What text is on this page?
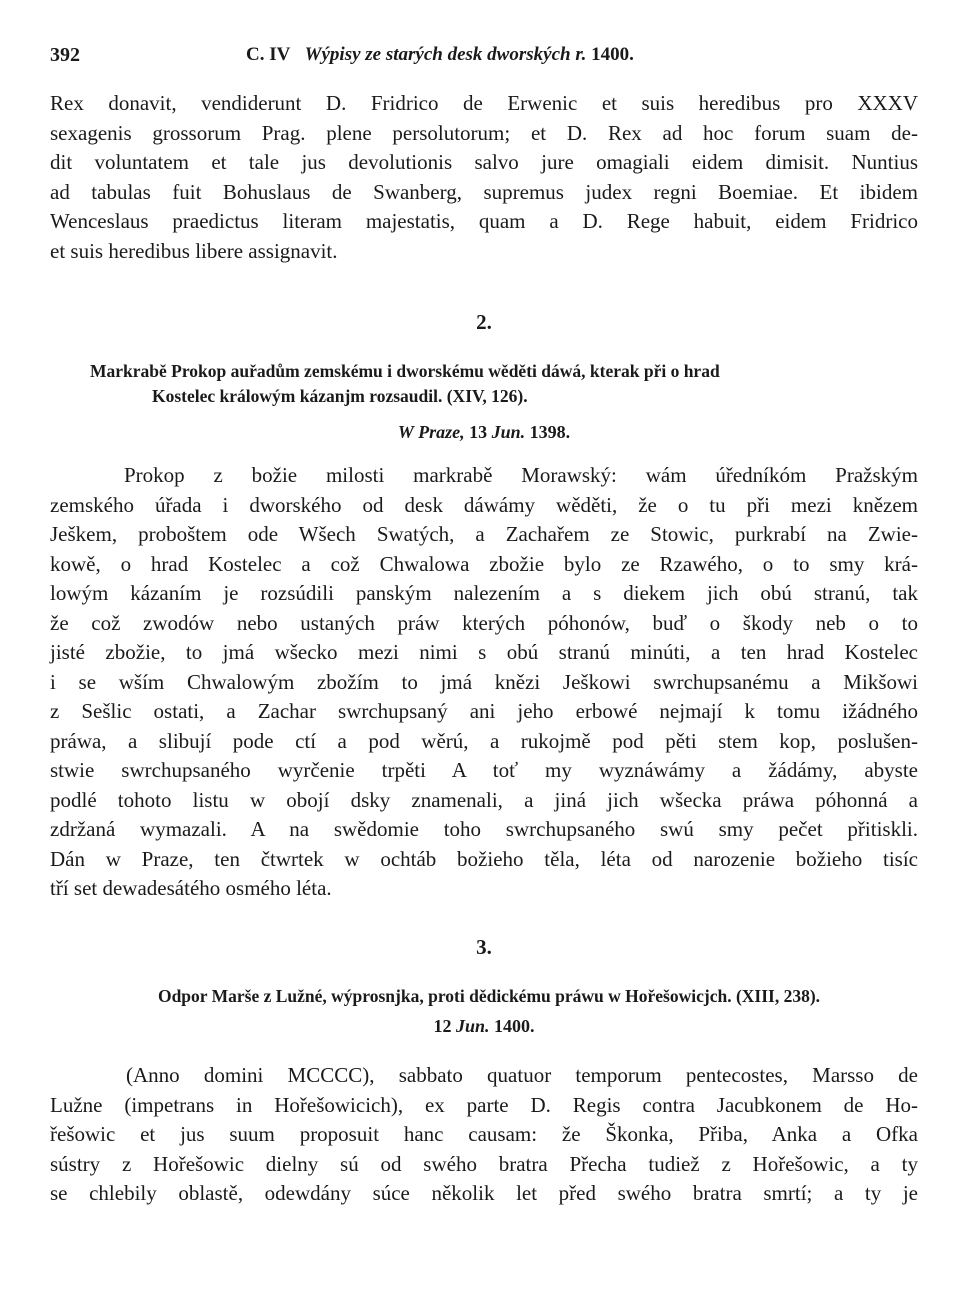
392	C. IV Wýpisy ze starých desk dworských r. 1400.
Rex donavit, vendiderunt D. Fridrico de Erwenic et suis heredibus pro XXXV
sexagenis grossorum Prag. plene persolutorum; et D. Rex ad hoc forum suam de-
dit voluntatem et tale jus devolutionis salvo jure omagiali eidem dimisit. Nuntius
ad tabulas fuit Bohuslaus de Swanberg, supremus judex regni Boemiae. Et ibidem
Wenceslaus praedictus literam majestatis, quam a D. Rege habuit, eidem Fridrico
et suis heredibus libere assignavit.
2.
Markrabě Prokop auřadům zemskému i dworskému wěděti dáwá, kterak při o hrad
Kostelec králowým kázanjm rozsaudil. (XIV, 126).
W Praze, 13 Jun. 1398.
Prokop z božie milosti markrabě Morawský: wám úředníkóm Pražským
zemského úřada i dworského od desk dáwámy wěděti, že o tu při mezi knězem
Ješkem, proboštem ode Wšech Swatých, a Zachařem ze Stowic, purkrabí na Zwie-
kowě, o hrad Kostelec a což Chwalowa zbožie bylo ze Rzawého, o to smy krá-
lowým kázaním je rozsúdili panským nalezením a s diekem jich obú stranú, tak
že což zwodów nebo ustaných práw kterých póhonów, buď o škody neb o to
jisté zbožie, to jmá wšecko mezi nimi s obú stranú minúti, a ten hrad Kostelec
i se wším Chwalowým zbožím to jmá knězi Ješkowi swrchupsanému a Mikšowi
z Sešlic ostati, a Zachar swrchupsaný ani jeho erbowé nejmají k tomu ižádného
práwa, a slibují pode ctí a pod wěrú, a rukojmě pod pěti stem kop, poslušen-
stwie swrchupsaného wyrčenie trpěti A toť my wyznáwámy a žádámy, abyste
podlé tohoto listu w obojí dsky znamenali, a jiná jich wšecka práwa póhonná a
zdržaná wymazali. A na swědomie toho swrchupsaného swú smy pečet přitiskli.
Dán w Praze, ten čtwrtek w ochtáb božieho těla, léta od narozenie božieho tisíc
tří set dewadesátého osmého léta.
3.
Odpor Marše z Lužné, wýprosnjka, proti dědickému práwu w Hořešowicjch. (XIII, 238).
12 Jun. 1400.
(Anno domini MCCCC), sabbato quatuor temporum pentecostes, Marsso de
Lužne (impetrans in Hořešowicich), ex parte D. Regis contra Jacubkonem de Ho-
řešowic et jus suum proposuit hanc causam: že Škonka, Přiba, Anka a Ofka
sústry z Hořešowic dielny sú od swého bratra Přecha tudiež z Hořešowic, a ty
se chlebily oblastě, odewdány súce několik let před swého bratra smrtí; a ty je
